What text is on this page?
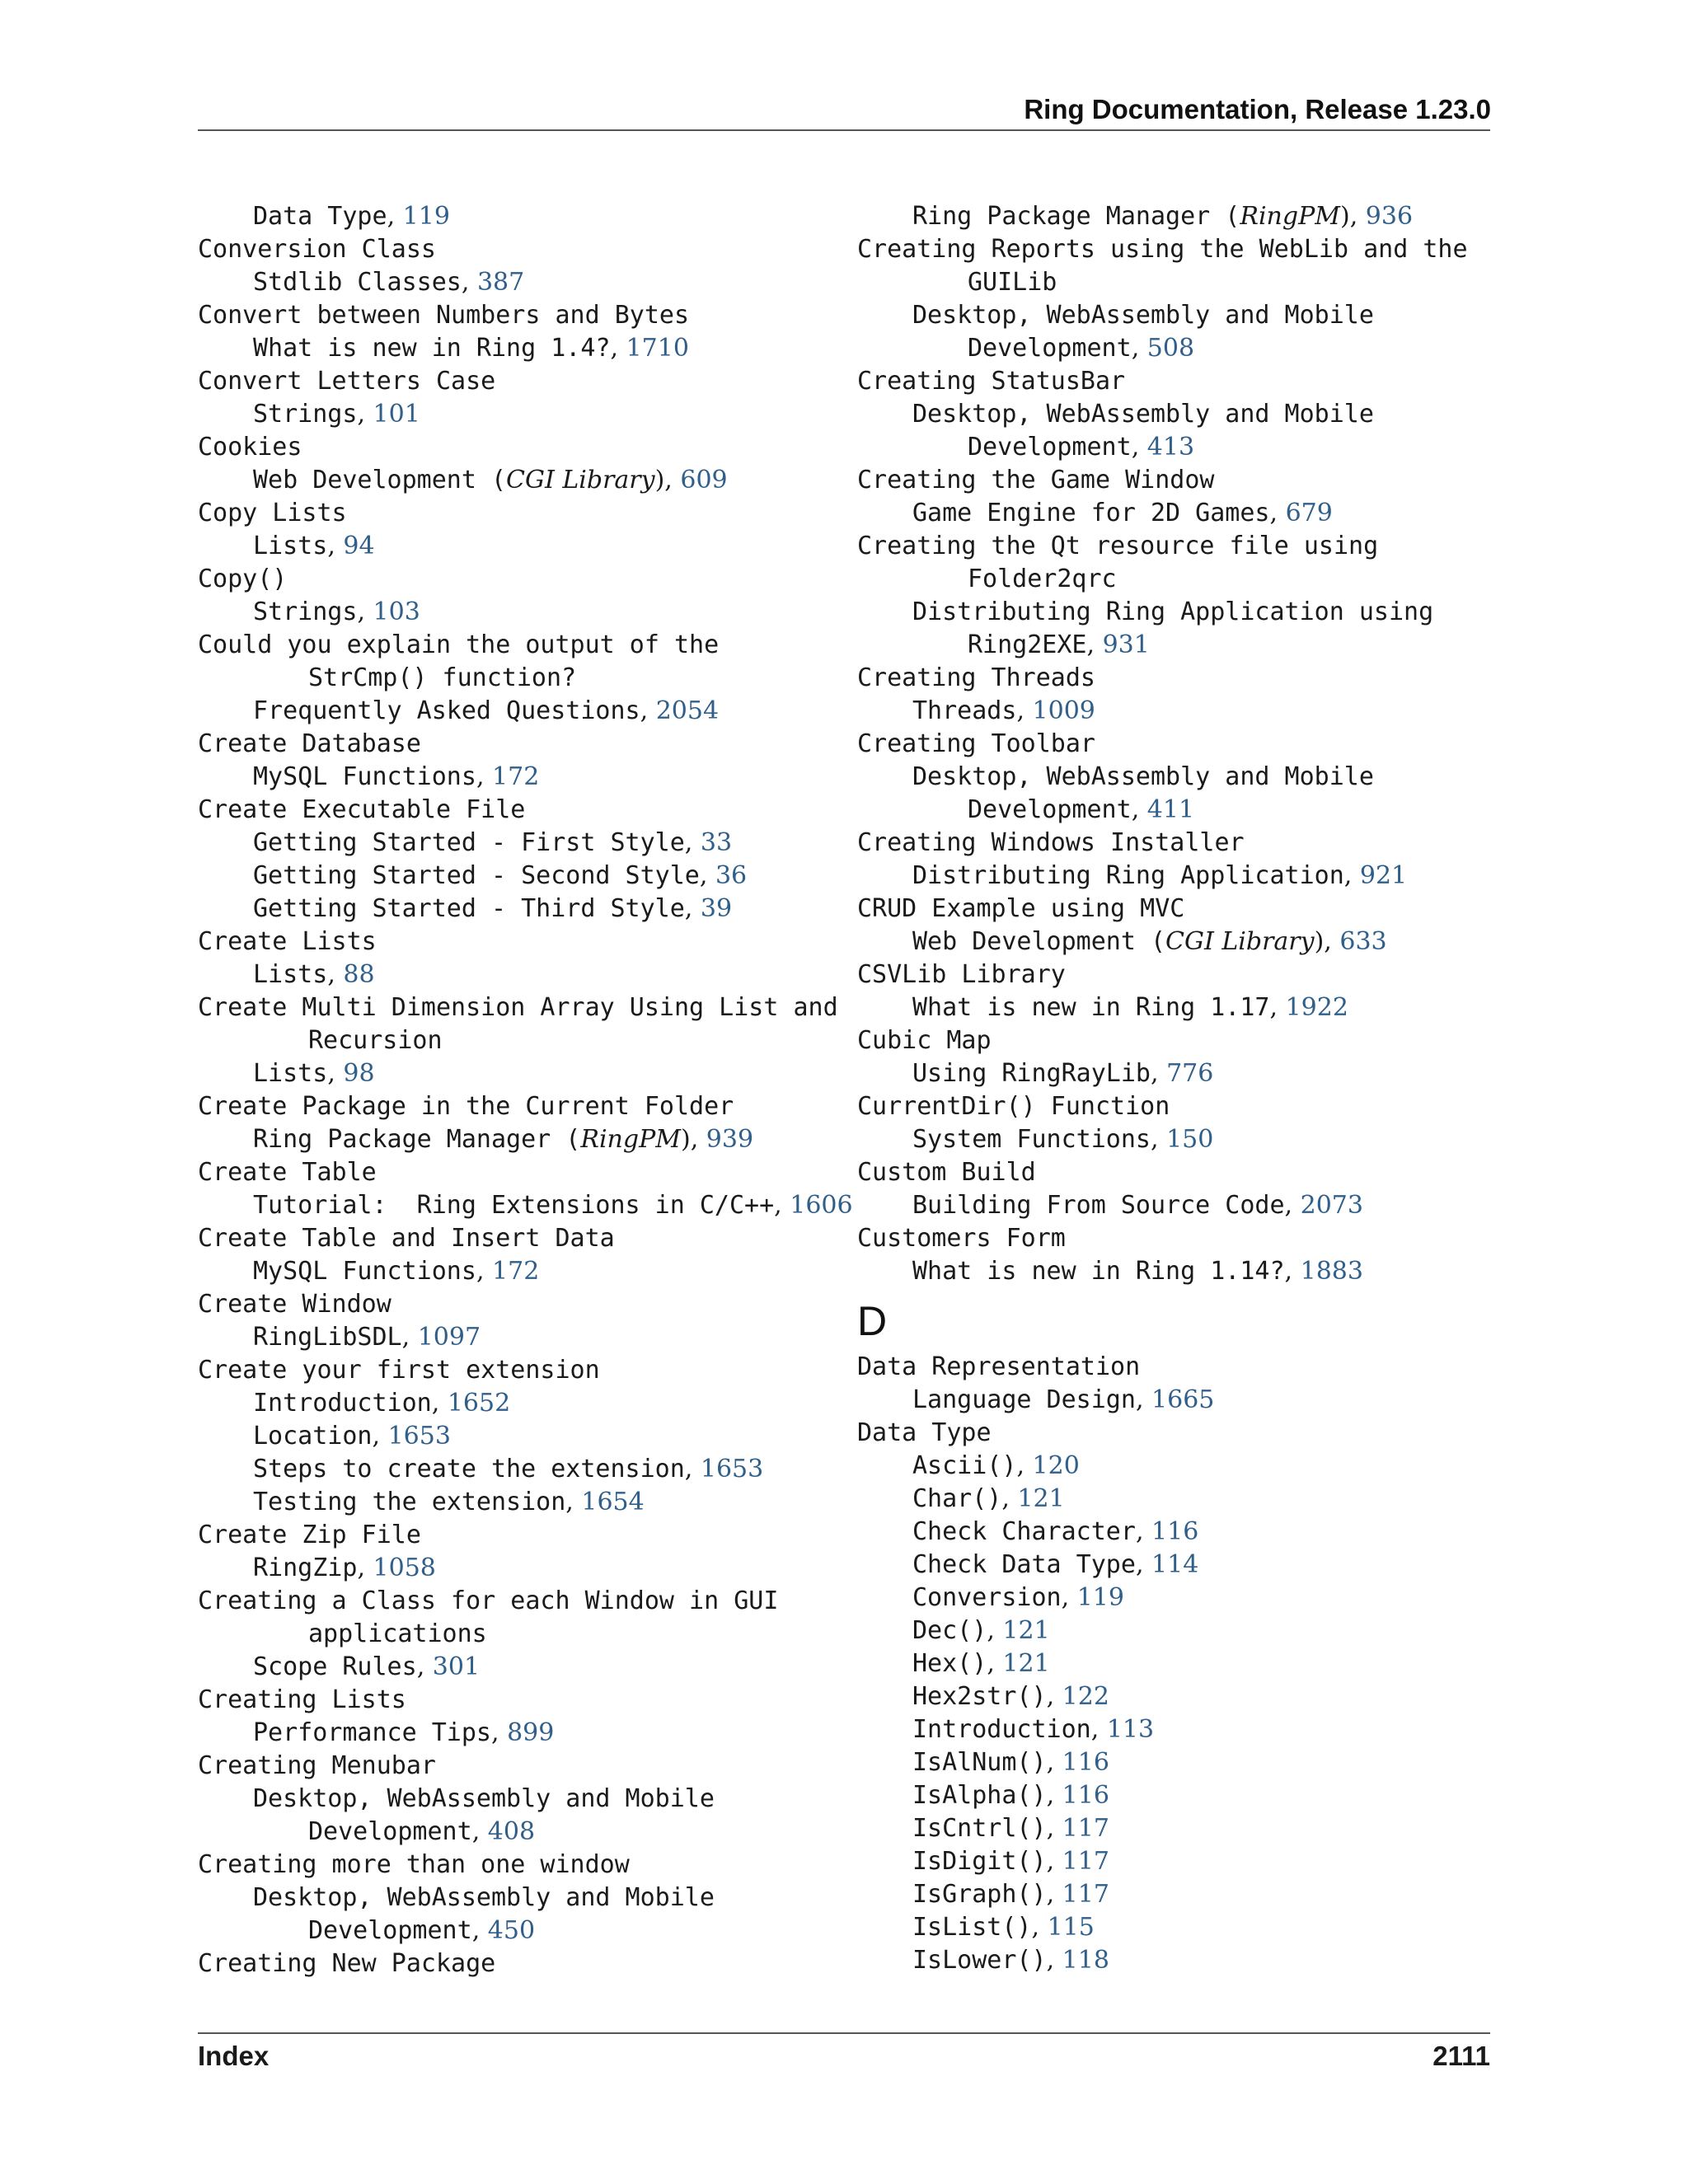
Ring Documentation, Release 1.23.0
Data Type, 119
Conversion Class
Stdlib Classes, 387
Convert between Numbers and Bytes
What is new in Ring 1.4?, 1710
Convert Letters Case
Strings, 101
Cookies
Web Development (CGI Library), 609
Copy Lists
Lists, 94
Copy()
Strings, 103
Could you explain the output of the
StrCmp() function?
Frequently Asked Questions, 2054
Create Database
MySQL Functions, 172
Create Executable File
Getting Started - First Style, 33
Getting Started - Second Style, 36
Getting Started - Third Style, 39
Create Lists
Lists, 88
Create Multi Dimension Array Using List and
Recursion
Lists, 98
Create Package in the Current Folder
Ring Package Manager (RingPM), 939
Create Table
Tutorial:  Ring Extensions in C/C++, 1606
Create Table and Insert Data
MySQL Functions, 172
Create Window
RingLibSDL, 1097
Create your first extension
Introduction, 1652
Location, 1653
Steps to create the extension, 1653
Testing the extension, 1654
Create Zip File
RingZip, 1058
Creating a Class for each Window in GUI
applications
Scope Rules, 301
Creating Lists
Performance Tips, 899
Creating Menubar
Desktop, WebAssembly and Mobile
Development, 408
Creating more than one window
Desktop, WebAssembly and Mobile
Development, 450
Creating New Package
Ring Package Manager (RingPM), 936
Creating Reports using the WebLib and the
GUILib
Desktop, WebAssembly and Mobile
Development, 508
Creating StatusBar
Desktop, WebAssembly and Mobile
Development, 413
Creating the Game Window
Game Engine for 2D Games, 679
Creating the Qt resource file using
Folder2qrc
Distributing Ring Application using
Ring2EXE, 931
Creating Threads
Threads, 1009
Creating Toolbar
Desktop, WebAssembly and Mobile
Development, 411
Creating Windows Installer
Distributing Ring Application, 921
CRUD Example using MVC
Web Development (CGI Library), 633
CSVLib Library
What is new in Ring 1.17, 1922
Cubic Map
Using RingRayLib, 776
CurrentDir() Function
System Functions, 150
Custom Build
Building From Source Code, 2073
Customers Form
What is new in Ring 1.14?, 1883
D
Data Representation
Language Design, 1665
Data Type
Ascii(), 120
Char(), 121
Check Character, 116
Check Data Type, 114
Conversion, 119
Dec(), 121
Hex(), 121
Hex2str(), 122
Introduction, 113
IsAlNum(), 116
IsAlpha(), 116
IsCntrl(), 117
IsDigit(), 117
IsGraph(), 117
IsList(), 115
IsLower(), 118
Index	2111
